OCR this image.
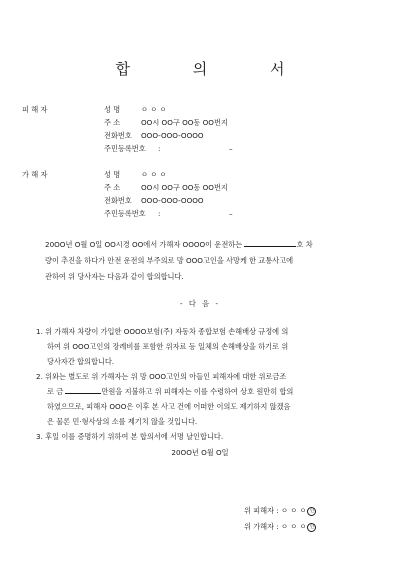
합 의 서
피 해 자	성 명	ㅇ ㅇ ㅇ
주 소	OO시 OO구 OO동 OO번지
전화번호 OOO-OOO-OOOO
주민등록번호 :	–
가 해 자	성 명	ㅇ ㅇ ㅇ
주 소	OO시 OO구 OO동 OO번지
전화번호 OOO-OOO-OOOO
주민등록번호 :	–
20OO년 O월 O일 OO시경 OO에서 가해자 OOOO이 운전하는	호 차
량이 추진을 하다가 안전 운전의 부주의로 망 OOO고인을 사망케 한 교통사고에
관하여 위 당사자는 다음과 같이 합의합니다.
- 다 음 -
1. 위 가해자 차량이 가입한 OOOO보험(주) 자동차 종합보험 손해배상 규정에 의
하여 위 OOO고인의 장례비를 포함한 위자료 등 일체의 손해배상을 하기로 위
당사자간 합의합니다.
2. 위와는 별도로 위 가해자는 위 망 OOO고인의 아들인 피해자에 대한 위로금조
로 금	만원을 지불하고 위 피해자는 이를 수령하여 상호 원만히 합의
하였으므로, 피해자 OOO은 이후 본 사고 건에 어떠한 이의도 제기하지 않겠음
은 물론 민·형사상의 소를 제기치 않을 것입니다.
3. 후일 이를 증명하기 위하여 본 합의서에 서명 날인합니다.
20OO년 O월 O일
위 피해자 : ㅇ ㅇ ㅇ 인
위 가해자 : ㅇ ㅇ ㅇ 인
